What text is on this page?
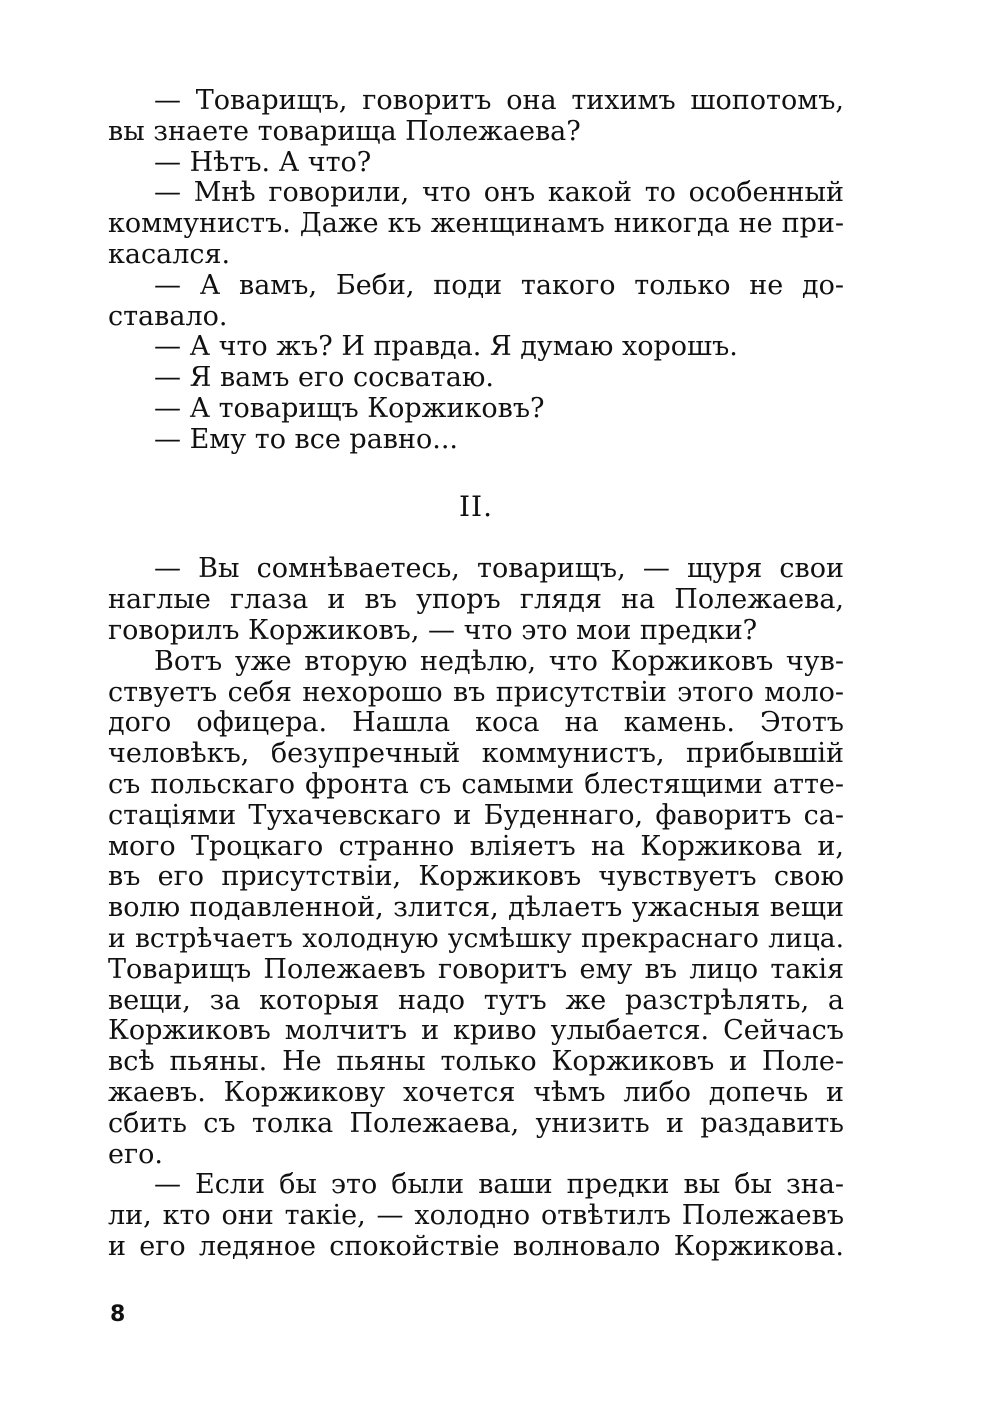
— Товарищъ, говоритъ она тихимъ шопотомъ,
вы знаете товарища Полежаева?
— Нѣтъ. А что?
— Мнѣ говорили, что онъ какой то особенный
коммунистъ. Даже къ женщинамъ никогда не при-
касался.
— А вамъ, Беби, поди такого только не до-
ставало.
— А что жъ? И правда. Я думаю хорошъ.
— Я вамъ его сосватаю.
— А товарищъ Коржиковъ?
— Ему то все равно...
II.
— Вы сомнѣваетесь, товарищъ, — щуря свои
наглые глаза и въ упоръ глядя на Полежаева,
говорилъ Коржиковъ, — что это мои предки?
Вотъ уже вторую недѣлю, что Коржиковъ чув-
ствуетъ себя нехорошо въ присутствіи этого моло-
дого офицера. Нашла коса на камень. Этотъ
человѣкъ, безупречный коммунистъ, прибывшій
съ польскаго фронта съ самыми блестящими атте-
стаціями Тухачевскаго и Буденнаго, фаворитъ са-
мого Троцкаго странно вліяетъ на Коржикова и,
въ его присутствіи, Коржиковъ чувствуетъ свою
волю подавленной, злится, дѣлаетъ ужасныя вещи
и встрѣчаетъ холодную усмѣшку прекраснаго лица.
Товарищъ Полежаевъ говоритъ ему въ лицо такія
вещи, за которыя надо тутъ же разстрѣлять, а
Коржиковъ молчитъ и криво улыбается. Сейчасъ
всѣ пьяны. Не пьяны только Коржиковъ и Поле-
жаевъ. Коржикову хочется чѣмъ либо допечь и
сбить съ толка Полежаева, унизить и раздавить
его.
— Если бы это были ваши предки вы бы зна-
ли, кто они такіе, — холодно отвѣтилъ Полежаевъ
и его ледяное спокойствіе волновало Коржикова.
8
